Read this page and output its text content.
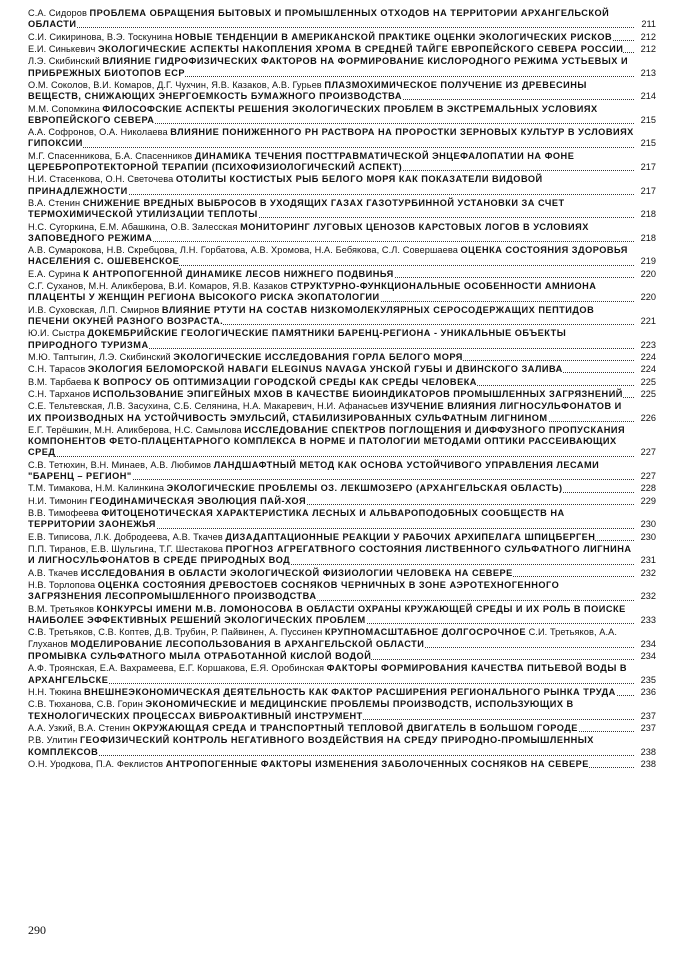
С.А. Сидоров ПРОБЛЕМА ОБРАЩЕНИЯ БЫТОВЫХ И ПРОМЫШЛЕННЫХ ОТХОДОВ НА ТЕРРИТОРИИ АРХАНГЕЛЬСКОЙ ОБЛАСТИ	211
С.И. Сикиринова, В.Э. Тоскунина НОВЫЕ ТЕНДЕНЦИИ В АМЕРИКАНСКОЙ ПРАКТИКЕ ОЦЕНКИ ЭКОЛОГИЧЕСКИХ РИСКОВ	212
Е.И. Синькевич ЭКОЛОГИЧЕСКИЕ АСПЕКТЫ НАКОПЛЕНИЯ ХРОМА В СРЕДНЕЙ ТАЙГЕ ЕВРОПЕЙСКОГО СЕВЕРА РОССИИ 212
Л.Э. Скибинский ВЛИЯНИЕ ГИДРОФИЗИЧЕСКИХ ФАКТОРОВ НА ФОРМИРОВАНИЕ КИСЛОРОДНОГО РЕЖИМА УСТЬЕВЫХ И ПРИБРЕЖНЫХ БИОТОПОВ ЕСР	213
О.М. Соколов, В.И. Комаров, Д.Г. Чухчин, Я.В. Казаков, А.В. Гурьев ПЛАЗМОХИМИЧЕСКОЕ ПОЛУЧЕНИЕ ИЗ ДРЕВЕСИНЫ ВЕЩЕСТВ, СНИЖАЮЩИХ ЭНЕРГОЕМКОСТЬ БУМАЖНОГО ПРОИЗВОДСТВА	214
М.М. Сопомкина ФИЛОСОФСКИЕ АСПЕКТЫ РЕШЕНИЯ ЭКОЛОГИЧЕСКИХ ПРОБЛЕМ В ЭКСТРЕМАЛЬНЫХ УСЛОВИЯХ ЕВРОПЕЙСКОГО СЕВЕРА	215
А.А. Софронов, О.А. Николаева ВЛИЯНИЕ ПОНИЖЕННОГО РН РАСТВОРА НА ПРОРОСТКИ ЗЕРНОВЫХ КУЛЬТУР В УСЛОВИЯХ ГИПОКСИИ	215
М.Г. Спасенникова, Б.А. Спасенников ДИНАМИКА ТЕЧЕНИЯ ПОСТТРАВМАТИЧЕСКОЙ ЭНЦЕФАЛОПАТИИ НА ФОНЕ ЦЕРЕБРОПРОТЕКТОРНОЙ ТЕРАПИИ (ПСИХОФИЗИОЛОГИЧЕСКИЙ АСПЕКТ)	217
Н.И. Стасенкова, О.Н. Светочева ОТОЛИТЫ КОСТИСТЫХ РЫБ БЕЛОГО МОРЯ КАК ПОКАЗАТЕЛИ ВИДОВОЙ ПРИНАДЛЕЖНОСТИ	217
В.А. Стенин СНИЖЕНИЕ ВРЕДНЫХ ВЫБРОСОВ В УХОДЯЩИХ ГАЗАХ ГАЗОТУРБИННОЙ УСТАНОВКИ ЗА СЧЕТ ТЕРМОХИМИЧЕСКОЙ УТИЛИЗАЦИИ ТЕПЛОТЫ	218
Н.С. Сугоркина, Е.М. Абашкина, О.В. Залесская МОНИТОРИНГ ЛУГОВЫХ ЦЕНОЗОВ КАРСТОВЫХ ЛОГОВ В УСЛОВИЯХ ЗАПОВЕДНОГО РЕЖИМА	218
А.В. Сумарокова, Н.В. Скребцова, Л.Н. Горбатова, А.В. Хромова, Н.А. Бебякова, С.Л. Совершаева ОЦЕНКА СОСТОЯНИЯ ЗДОРОВЬЯ НАСЕЛЕНИЯ С. ОШЕВЕНСКОЕ	219
Е.А. Сурина К АНТРОПОГЕННОЙ ДИНАМИКЕ ЛЕСОВ НИЖНЕГО ПОДВИНЬЯ	220
С.Г. Суханов, М.Н. Аликберова, В.И. Комаров, Я.В. Казаков СТРУКТУРНО-ФУНКЦИОНАЛЬНЫЕ ОСОБЕННОСТИ АМНИОНА ПЛАЦЕНТЫ У ЖЕНЩИН РЕГИОНА ВЫСОКОГО РИСКА ЭКОПАТОЛОГИИ	220
И.В. Суховская, Л.П. Смирнов ВЛИЯНИЕ РТУТИ НА СОСТАВ НИЗКОМОЛЕКУЛЯРНЫХ СЕРОСОДЕРЖАЩИХ ПЕПТИДОВ ПЕЧЕНИ ОКУНЕЙ РАЗНОГО ВОЗРАСТА.	221
Ю.И. Сыстра ДОКЕМБРИЙСКИЕ ГЕОЛОГИЧЕСКИЕ ПАМЯТНИКИ БАРЕНЦ-РЕГИОНА - УНИКАЛЬНЫЕ ОБЪЕКТЫ ПРИРОДНОГО ТУРИЗМА	223
М.Ю. Таптыгин, Л.Э. Скибинский ЭКОЛОГИЧЕСКИЕ ИССЛЕДОВАНИЯ ГОРЛА БЕЛОГО МОРЯ	224
С.Н. Тарасов ЭКОЛОГИЯ БЕЛОМОРСКОЙ НАВАГИ ELEGINUS NAVAGA УНСКОЙ ГУБЫ И ДВИНСКОГО ЗАЛИВА	224
В.М. Тарбаева К ВОПРОСУ ОБ ОПТИМИЗАЦИИ ГОРОДСКОЙ СРЕДЫ КАК СРЕДЫ ЧЕЛОВЕКА	225
С.Н. Тарханов ИСПОЛЬЗОВАНИЕ ЭПИГЕЙНЫХ МХОВ В КАЧЕСТВЕ БИОИНДИКАТОРОВ ПРОМЫШЛЕННЫХ ЗАГРЯЗНЕНИЙ 225
С.Е. Тельтевская, Л.В. Засухина, С.Б. Селянина, Н.А. Макаревич, Н.И. Афанасьев ИЗУЧЕНИЕ ВЛИЯНИЯ ЛИГНОСУЛЬФОНАТОВ И ИХ ПРОИЗВОДНЫХ НА УСТОЙЧИВОСТЬ ЭМУЛЬСИЙ, СТАБИЛИЗИРОВАННЫХ СУЛЬФАТНЫМ ЛИГНИНОМ	226
Е.Г. Терёшкин, М.Н. Аликберова, Н.С. Самылова ИССЛЕДОВАНИЕ СПЕКТРОВ ПОГЛОЩЕНИЯ И ДИФФУЗНОГО ПРОПУСКАНИЯ КОМПОНЕНТОВ ФЕТО-ПЛАЦЕНТАРНОГО КОМПЛЕКСА В НОРМЕ И ПАТОЛОГИИ МЕТОДАМИ ОПТИКИ РАССЕИВАЮЩИХ СРЕД	227
С.В. Тетюхин, В.Н. Минаев, А.В. Любимов ЛАНДШАФТНЫЙ МЕТОД КАК ОСНОВА УСТОЙЧИВОГО УПРАВЛЕНИЯ ЛЕСАМИ "БАРЕНЦ – РЕГИОН"	227
Т.М. Тимакова, Н.М. Калинкина ЭКОЛОГИЧЕСКИЕ ПРОБЛЕМЫ ОЗ. ЛЕКШМОЗЕРО (АРХАНГЕЛЬСКАЯ ОБЛАСТЬ)	228
Н.И. Тимонин ГЕОДИНАМИЧЕСКАЯ ЭВОЛЮЦИЯ ПАЙ-ХОЯ	229
В.В. Тимофеева ФИТОЦЕНОТИЧЕСКАЯ ХАРАКТЕРИСТИКА ЛЕСНЫХ И АЛЬВАРОПОДОБНЫХ СООБЩЕСТВ НА ТЕРРИТОРИИ ЗАОНЕЖЬЯ	230
Е.В. Типисова, Л.К. Добродеева, А.В. Ткачев ДИЗАДАПТАЦИОННЫЕ РЕАКЦИИ У РАБОЧИХ АРХИПЕЛАГА ШПИЦБЕРГЕН	230
П.П. Тиранов, Е.В. Шульгина, Т.Г. Шестакова ПРОГНОЗ АГРЕГАТВНОГО СОСТОЯНИЯ ЛИСТВЕННОГО СУЛЬФАТНОГО ЛИГНИНА И ЛИГНОСУЛЬФОНАТОВ В СРЕДЕ ПРИРОДНЫХ ВОД	231
А.В. Ткачев ИССЛЕДОВАНИЯ В ОБЛАСТИ ЭКОЛОГИЧЕСКОЙ ФИЗИОЛОГИИ ЧЕЛОВЕКА НА СЕВЕРЕ	232
Н.В. Торлопова ОЦЕНКА СОСТОЯНИЯ ДРЕВОСТОЕВ СОСНЯКОВ ЧЕРНИЧНЫХ В ЗОНЕ АЭРОТЕХНОГЕННОГО ЗАГРЯЗНЕНИЯ ЛЕСОПРОМЫШЛЕННОГО ПРОИЗВОДСТВА	232
В.М. Третьяков КОНКУРСЫ ИМЕНИ М.В. ЛОМОНОСОВА В ОБЛАСТИ ОХРАНЫ КРУЖАЮЩЕЙ СРЕДЫ И ИХ РОЛЬ В ПОИСКЕ НАИБОЛЕЕ ЭФФЕКТИВНЫХ РЕШЕНИЙ ЭКОЛОГИЧЕСКИХ ПРОБЛЕМ	233
С.В. Третьяков, С.В. Коптев, Д.В. Трубин, Р. Пайвинен, А. Пуссинен КРУПНОМАСШТАБНОЕ ДОЛГОСРОЧНОЕ С.И. Третьяков, А.А. Глуханов МОДЕЛИРОВАНИЕ ЛЕСОПОЛЬЗОВАНИЯ В АРХАНГЕЛЬСКОЙ ОБЛАСТИ	234
ПРОМЫВКА СУЛЬФАТНОГО МЫЛА ОТРАБОТАННОЙ КИСЛОЙ ВОДОЙ	234
А.Ф. Троянская, Е.А. Вахрамеева, Е.Г. Коршакова, Е.Я. Оробинская ФАКТОРЫ ФОРМИРОВАНИЯ КАЧЕСТВА ПИТЬЕВОЙ ВОДЫ В АРХАНГЕЛЬСКЕ	235
Н.Н. Тюкина ВНЕШНЕЭКОНОМИЧЕСКАЯ ДЕЯТЕЛЬНОСТЬ КАК ФАКТОР РАСШИРЕНИЯ РЕГИОНАЛЬНОГО РЫНКА ТРУДА	236
С.В. Тюханова, С.В. Горин ЭКОНОМИЧЕСКИЕ И МЕДИЦИНСКИЕ ПРОБЛЕМЫ ПРОИЗВОДСТВ, ИСПОЛЬЗУЮЩИХ В ТЕХНОЛОГИЧЕСКИХ ПРОЦЕССАХ ВИБРОАКТИВНЫЙ ИНСТРУМЕНТ	237
А.А. Узкий, В.А. Стенин ОКРУЖАЮЩАЯ СРЕДА И ТРАНСПОРТНЫЙ ТЕПЛОВОЙ ДВИГАТЕЛЬ В БОЛЬШОМ ГОРОДЕ	237
Р.В. Улитин ГЕОФИЗИЧЕСКИЙ КОНТРОЛЬ НЕГАТИВНОГО ВОЗДЕЙСТВИЯ НА СРЕДУ ПРИРОДНО-ПРОМЫШЛЕННЫХ КОМПЛЕКСОВ	238
О.Н. Уродкова, П.А. Феклистов АНТРОПОГЕННЫЕ ФАКТОРЫ ИЗМЕНЕНИЯ ЗАБОЛОЧЕННЫХ СОСНЯКОВ НА СЕВЕРЕ	238
290
